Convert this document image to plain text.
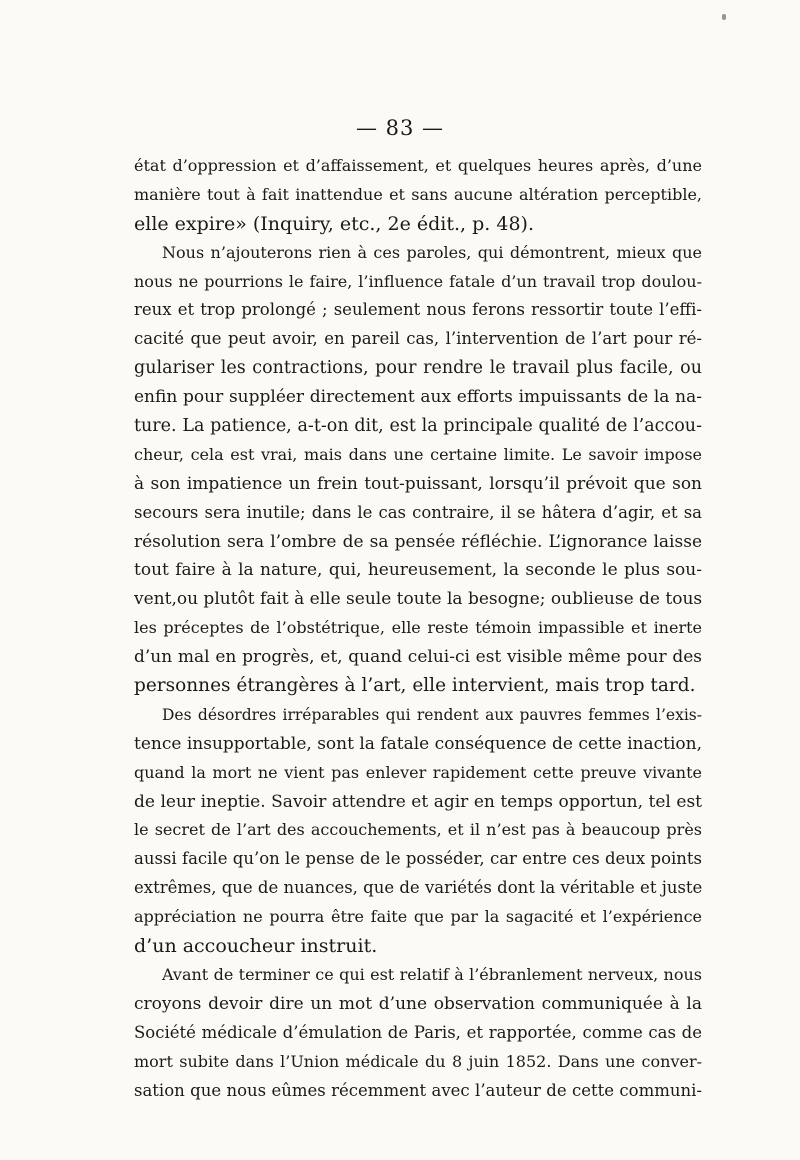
— 83 —
état d’oppression et d’affaissement, et quelques heures après, d’une
manière tout à fait inattendue et sans aucune altération perceptible,
elle expire» (Inquiry, etc., 2e édit., p. 48).
Nous n’ajouterons rien à ces paroles, qui démontrent, mieux que
nous ne pourrions le faire, l’influence fatale d’un travail trop doulou-
reux et trop prolongé ; seulement nous ferons ressortir toute l’effi-
cacité que peut avoir, en pareil cas, l’intervention de l’art pour ré-
gulariser les contractions, pour rendre le travail plus facile, ou
enfin pour suppléer directement aux efforts impuissants de la na-
ture. La patience, a-t-on dit, est la principale qualité de l’accou-
cheur, cela est vrai, mais dans une certaine limite. Le savoir impose
à son impatience un frein tout-puissant, lorsqu’il prévoit que son
secours sera inutile; dans le cas contraire, il se hâtera d’agir, et sa
résolution sera l’ombre de sa pensée réfléchie. L’ignorance laisse
tout faire à la nature, qui, heureusement, la seconde le plus sou-
vent,ou plutôt fait à elle seule toute la besogne; oublieuse de tous
les préceptes de l’obstétrique, elle reste témoin impassible et inerte
d’un mal en progrès, et, quand celui-ci est visible même pour des
personnes étrangères à l’art, elle intervient, mais trop tard.
Des désordres irréparables qui rendent aux pauvres femmes l’exis-
tence insupportable, sont la fatale conséquence de cette inaction,
quand la mort ne vient pas enlever rapidement cette preuve vivante
de leur ineptie. Savoir attendre et agir en temps opportun, tel est
le secret de l’art des accouchements, et il n’est pas à beaucoup près
aussi facile qu’on le pense de le posséder, car entre ces deux points
extrêmes, que de nuances, que de variétés dont la véritable et juste
appréciation ne pourra être faite que par la sagacité et l’expérience
d’un accoucheur instruit.
Avant de terminer ce qui est relatif à l’ébranlement nerveux, nous
croyons devoir dire un mot d’une observation communiquée à la
Société médicale d’émulation de Paris, et rapportée, comme cas de
mort subite dans l’Union médicale du 8 juin 1852. Dans une conver-
sation que nous eûmes récemment avec l’auteur de cette communi-
